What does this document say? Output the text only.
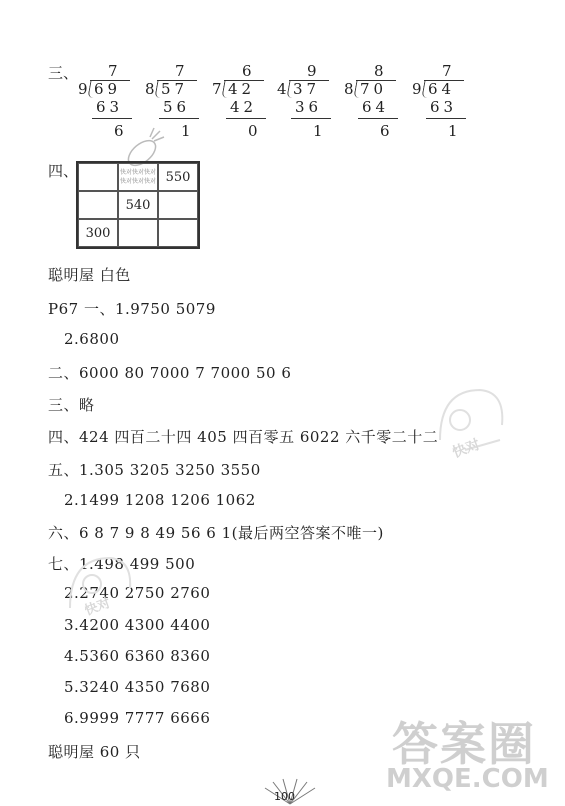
三、 7
9 69
63
6
7
8 57
56
1
6
7 42
42
0
9
4 37
36
1
8
8 70
64
6
7
9 64
63
1
四、	快对快对快对
快对快对快对 550
540
300
聪明屋 白色
P67 一、1.9750 5079
2.6800
二、6000 80 7000 7 7000 50 6
三、略
四、424 四百二十四 405 四百零五 6022 六千零二十二
五、1.305 3205 3250 3550
2.1499 1208 1206 1062
六、6 8 7 9 8 49 56 6 1(最后两空答案不唯一)
七、1.498 499 500
2.2740 2750 2760
3.4200 4300 4400
4.5360 6360 8360
5.3240 4350 7680
6.9999 7777 6666
聪明屋 60 只
快对
快对
答案圈
MXQE.COM
100
